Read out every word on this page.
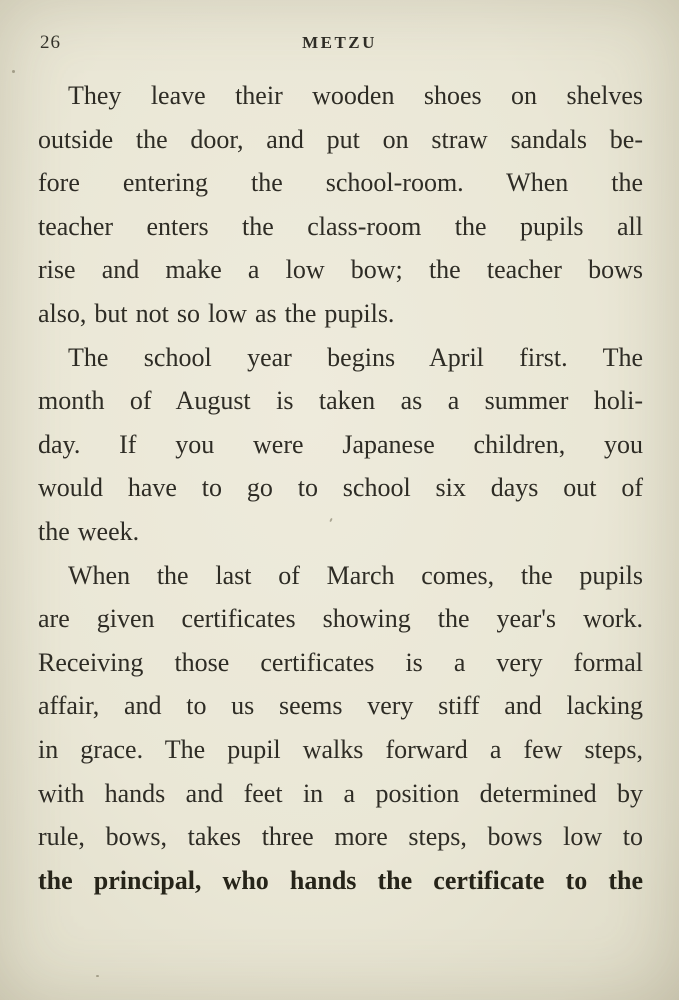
26	METZU
They leave their wooden shoes on shelves
outside the door, and put on straw sandals be-
fore entering the school-room. When the
teacher enters the class-room the pupils all
rise and make a low bow; the teacher bows
also, but not so low as the pupils.
The school year begins April first. The
month of August is taken as a summer holi-
day. If you were Japanese children, you
would have to go to school six days out of
the week.
When the last of March comes, the pupils
are given certificates showing the year's work.
Receiving those certificates is a very formal
affair, and to us seems very stiff and lacking
in grace. The pupil walks forward a few steps,
with hands and feet in a position determined by
rule, bows, takes three more steps, bows low to
the principal, who hands the certificate to the
